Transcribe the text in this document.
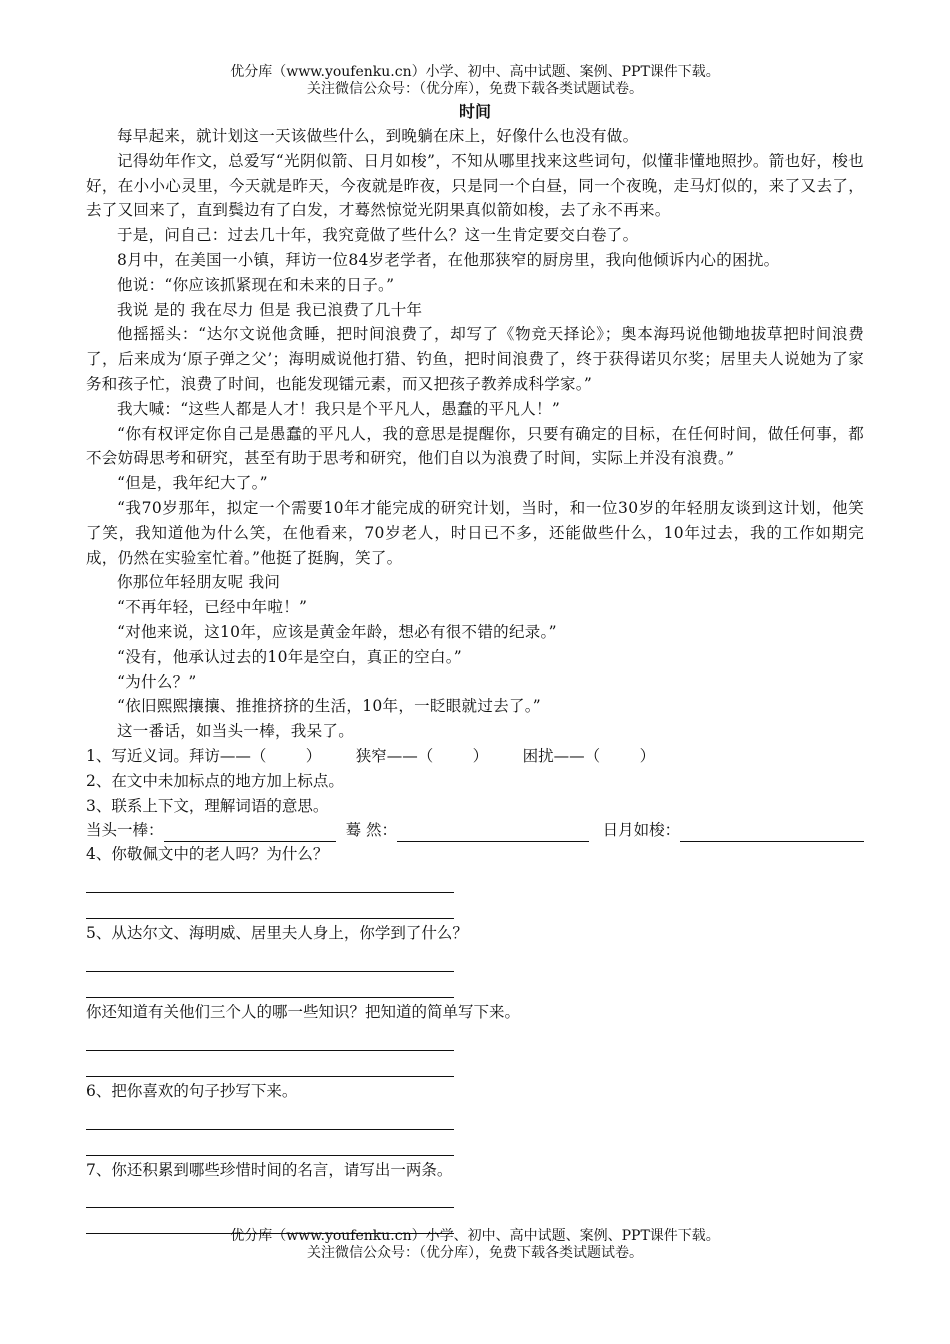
优分库（www.youfenku.cn）小学、初中、高中试题、案例、PPT课件下载。

关注微信公众号：（优分库），免费下载各类试题试卷。

时间

每早起来，就计划这一天该做些什么，到晚躺在床上，好像什么也没有做。

记得幼年作文，总爱写“光阴似箭、日月如梭”，不知从哪里找来这些词句，似懂非懂地照抄。箭也好，梭也好，在小小心灵里，今天就是昨天，今夜就是昨夜，只是同一个白昼，同一个夜晚，走马灯似的，来了又去了，去了又回来了，直到鬓边有了白发，才蓦然惊觉光阴果真似箭如梭，去了永不再来。

于是，问自己：过去几十年，我究竟做了些什么？这一生肯定要交白卷了。

8月中，在美国一小镇，拜访一位84岁老学者，在他那狭窄的厨房里，我向他倾诉内心的困扰。

他说：“你应该抓紧现在和未来的日子。”

我说 是的 我在尽力 但是 我已浪费了几十年

他摇摇头：“达尔文说他贪睡，把时间浪费了，却写了《物竞天择论》；奥本海玛说他锄地拔草把时间浪费了，后来成为‘原子弹之父’；海明威说他打猎、钓鱼，把时间浪费了，终于获得诺贝尔奖；居里夫人说她为了家务和孩子忙，浪费了时间，也能发现镭元素，而又把孩子教养成科学家。”

我大喊：“这些人都是人才！我只是个平凡人，愚蠢的平凡人！”

“你有权评定你自己是愚蠢的平凡人，我的意思是提醒你，只要有确定的目标，在任何时间，做任何事，都不会妨碍思考和研究，甚至有助于思考和研究，他们自以为浪费了时间，实际上并没有浪费。”

“但是，我年纪大了。”

“我70岁那年，拟定一个需要10年才能完成的研究计划，当时，和一位30岁的年轻朋友谈到这计划，他笑了笑，我知道他为什么笑，在他看来，70岁老人，时日已不多，还能做些什么，10年过去，我的工作如期完成，仍然在实验室忙着。”他挺了挺胸，笑了。

你那位年轻朋友呢 我问

“不再年轻，已经中年啦！”

“对他来说，这10年，应该是黄金年龄，想必有很不错的纪录。”

“没有，他承认过去的10年是空白，真正的空白。”

“为什么？”

“依旧熙熙攘攘、推推挤挤的生活，10年，一眨眼就过去了。”

这一番话，如当头一棒，我呆了。

1、写近义词。拜访——（        ）       狭窄——（        ）       困扰——（        ）

2、在文中未加标点的地方加上标点。

3、联系上下文，理解词语的意思。

当头一棒：	蓦 然：	日月如梭：

4、你敬佩文中的老人吗？为什么？

5、从达尔文、海明威、居里夫人身上，你学到了什么？

你还知道有关他们三个人的哪一些知识？把知道的简单写下来。

6、把你喜欢的句子抄写下来。

7、你还积累到哪些珍惜时间的名言，请写出一两条。

优分库（www.youfenku.cn）小学、初中、高中试题、案例、PPT课件下载。

关注微信公众号：（优分库），免费下载各类试题试卷。
